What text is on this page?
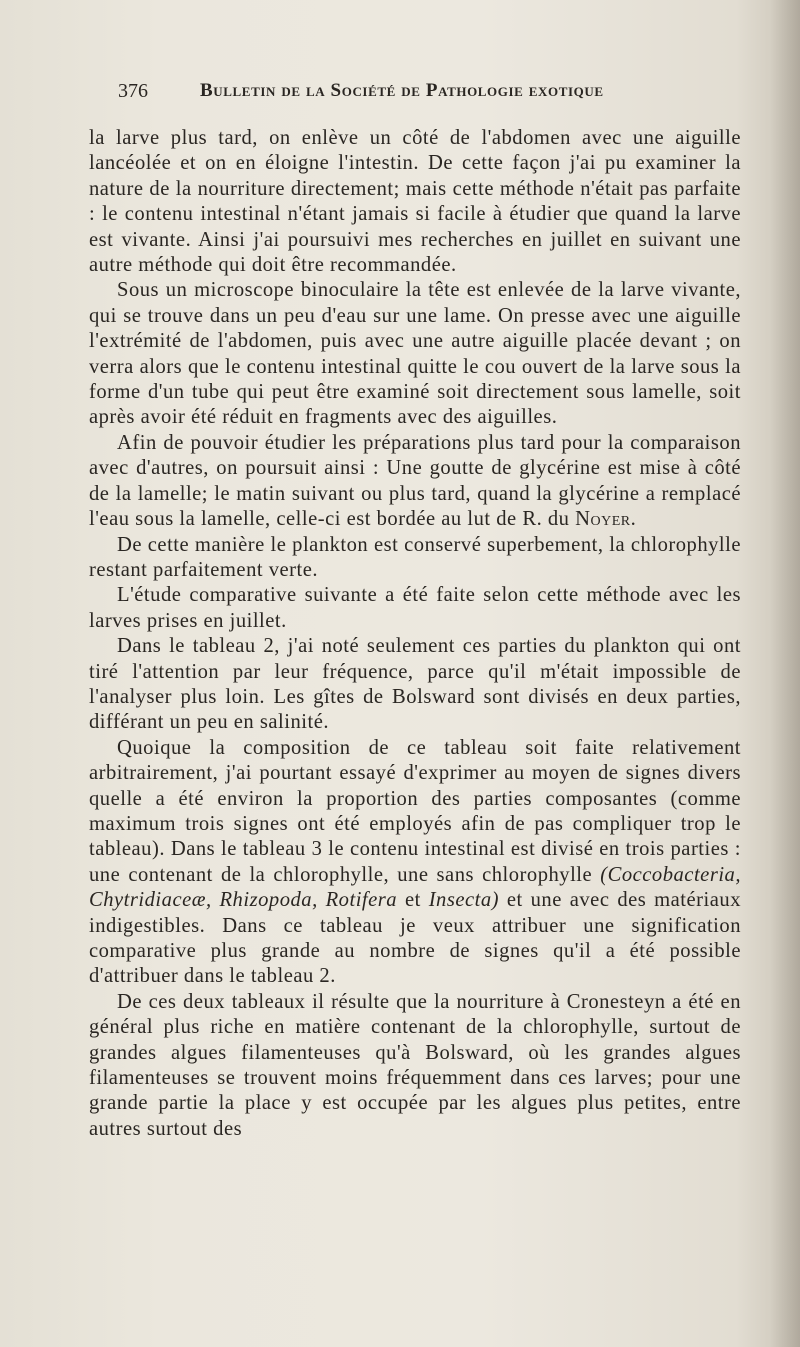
376	Bulletin de la Société de Pathologie exotique

la larve plus tard, on enlève un côté de l'abdomen avec une aiguille lancéolée et on en éloigne l'intestin. De cette façon j'ai pu examiner la nature de la nourriture directement; mais cette méthode n'était pas parfaite : le contenu intestinal n'étant jamais si facile à étudier que quand la larve est vivante. Ainsi j'ai poursuivi mes recherches en juillet en suivant une autre méthode qui doit être recommandée.

Sous un microscope binoculaire la tête est enlevée de la larve vivante, qui se trouve dans un peu d'eau sur une lame. On presse avec une aiguille l'extrémité de l'abdomen, puis avec une autre aiguille placée devant ; on verra alors que le contenu intestinal quitte le cou ouvert de la larve sous la forme d'un tube qui peut être examiné soit directement sous lamelle, soit après avoir été réduit en fragments avec des aiguilles.

Afin de pouvoir étudier les préparations plus tard pour la comparaison avec d'autres, on poursuit ainsi : Une goutte de glycérine est mise à côté de la lamelle; le matin suivant ou plus tard, quand la glycérine a remplacé l'eau sous la lamelle, celle-ci est bordée au lut de R. du Noyer.

De cette manière le plankton est conservé superbement, la chlorophylle restant parfaitement verte.

L'étude comparative suivante a été faite selon cette méthode avec les larves prises en juillet.

Dans le tableau 2, j'ai noté seulement ces parties du plankton qui ont tiré l'attention par leur fréquence, parce qu'il m'était impossible de l'analyser plus loin. Les gîtes de Bolsward sont divisés en deux parties, différant un peu en salinité.

Quoique la composition de ce tableau soit faite relativement arbitrairement, j'ai pourtant essayé d'exprimer au moyen de signes divers quelle a été environ la proportion des parties composantes (comme maximum trois signes ont été employés afin de pas compliquer trop le tableau). Dans le tableau 3 le contenu intestinal est divisé en trois parties : une contenant de la chlorophylle, une sans chlorophylle (Coccobacteria, Chytridiaceæ, Rhizopoda, Rotifera et Insecta) et une avec des matériaux indigestibles. Dans ce tableau je veux attribuer une signification comparative plus grande au nombre de signes qu'il a été possible d'attribuer dans le tableau 2.

De ces deux tableaux il résulte que la nourriture à Cronesteyn a été en général plus riche en matière contenant de la chlorophylle, surtout de grandes algues filamenteuses qu'à Bolsward, où les grandes algues filamenteuses se trouvent moins fréquemment dans ces larves; pour une grande partie la place y est occupée par les algues plus petites, entre autres surtout des
